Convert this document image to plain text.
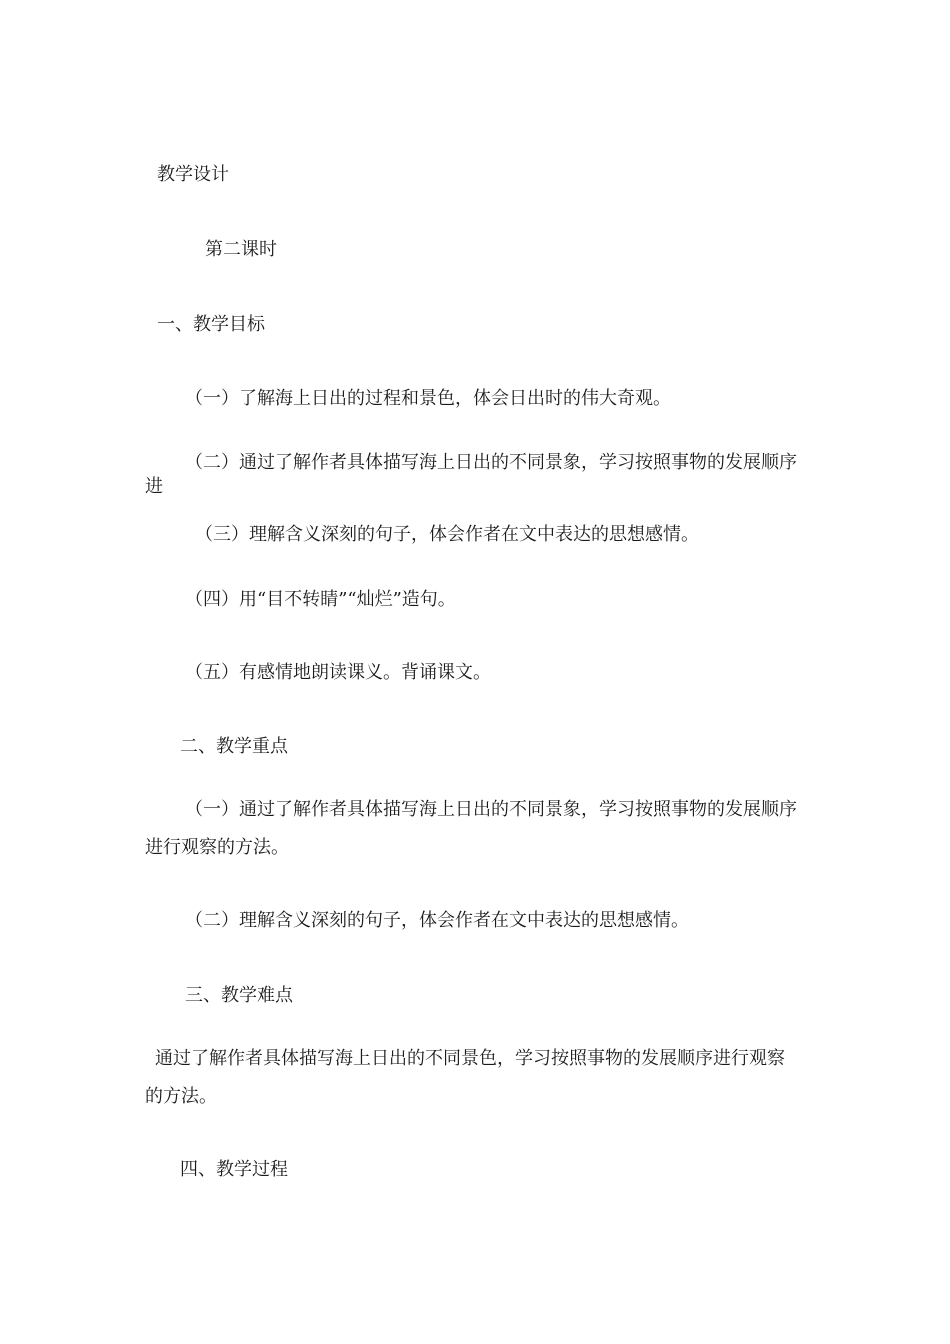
教学设计

第二课时

一、教学目标

（一）了解海上日出的过程和景色，体会日出时的伟大奇观。

（二）通过了解作者具体描写海上日出的不同景象，学习按照事物的发展顺序

进

（三）理解含义深刻的句子，体会作者在文中表达的思想感情。

（四）用“目不转睛”“灿烂”造句。

（五）有感情地朗读课义。背诵课文。

二、教学重点

（一）通过了解作者具体描写海上日出的不同景象，学习按照事物的发展顺序

进行观察的方法。

（二）理解含义深刻的句子，体会作者在文中表达的思想感情。

三、教学难点

通过了解作者具体描写海上日出的不同景色，学习按照事物的发展顺序进行观察

的方法。

四、教学过程
